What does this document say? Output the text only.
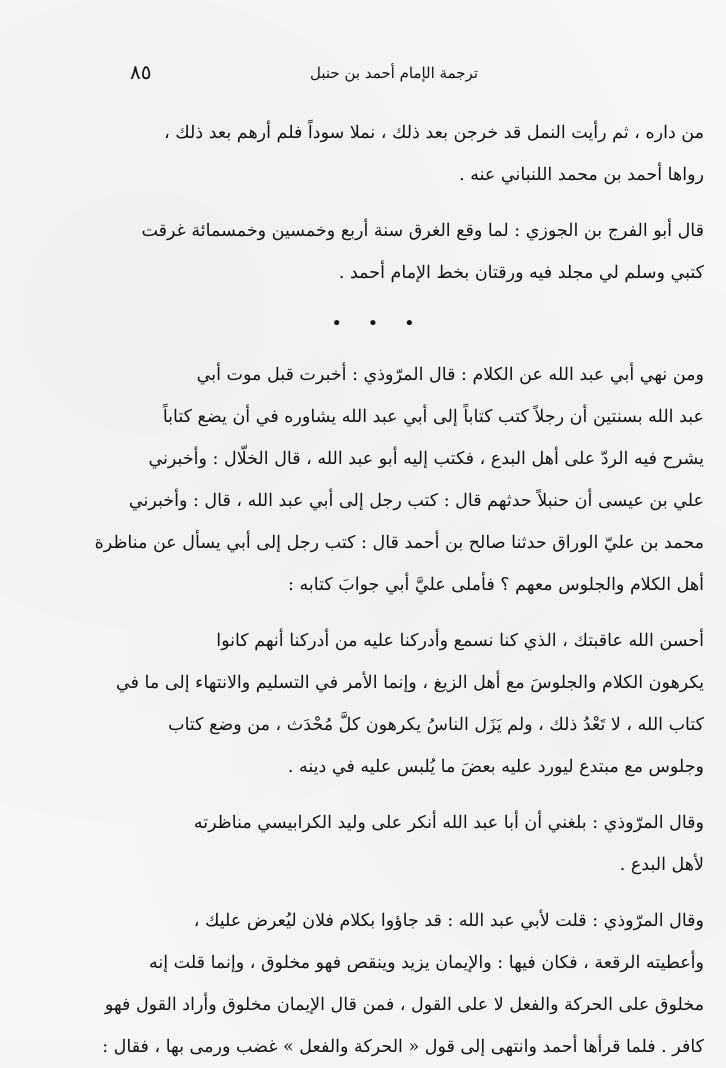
ترجمة الإمام أحمد بن حنبل
٨٥
من داره ، ثم رأيت النمل قد خرجن بعد ذلك ، نملا سوداً فلم أرهم بعد ذلك ،
رواها أحمد بن محمد اللنباني عنه .
قال أبو الفرج بن الجوزي : لما وقع الغرق سنة أربع وخمسين وخمسمائة غرقت
كتبي وسلم لي مجلد فيه ورقتان بخط الإمام أحمد .
• • •
ومن نهي أبي عبد الله عن الكلام : قال المرّوذي : أخبرت قبل موت أبي
عبد الله بسنتين أن رجلاً كتب كتاباً إلى أبي عبد الله يشاوره في أن يضع كتاباً
يشرح فيه الردّ على أهل البدع ، فكتب إليه أبو عبد الله ، قال الخلّال : وأخبرني
علي بن عيسى أن حنبلاً حدثهم قال : كتب رجل إلى أبي عبد الله ، قال : وأخبرني
محمد بن عليّ الوراق حدثنا صالح بن أحمد قال : كتب رجل إلى أبي يسأل عن مناظرة
أهل الكلام والجلوس معهم ؟ فأملى عليَّ أبي جوابَ كتابه :
أحسن الله عاقبتك ، الذي كنا نسمع وأدركنا عليه من أدركنا أنهم كانوا
يكرهون الكلام والجلوسَ مع أهل الزيغ ، وإنما الأمر في التسليم والانتهاء إلى ما في
كتاب الله ، لا تَعْدُ ذلك ، ولم يَزَل الناسُ يكرهون كلَّ مُحْدَث ، من وضع كتاب
وجلوس مع مبتدع ليورد عليه بعضَ ما يُلبس عليه في دينه .
وقال المرّوذي : بلغني أن أبا عبد الله أنكر على وليد الكرابيسي مناظرته
لأهل البدع .
وقال المرّوذي : قلت لأبي عبد الله : قد جاؤوا بكلام فلان ليُعرض عليك ،
وأعطيته الرقعة ، فكان فيها : والإيمان يزيد وينقص فهو مخلوق ، وإنما قلت إنه
مخلوق على الحركة والفعل لا على القول ، فمن قال الإيمان مخلوق وأراد القول فهو
كافر . فلما قرأها أحمد وانتهى إلى قول « الحركة والفعل » غضب ورمى بها ، فقال :
